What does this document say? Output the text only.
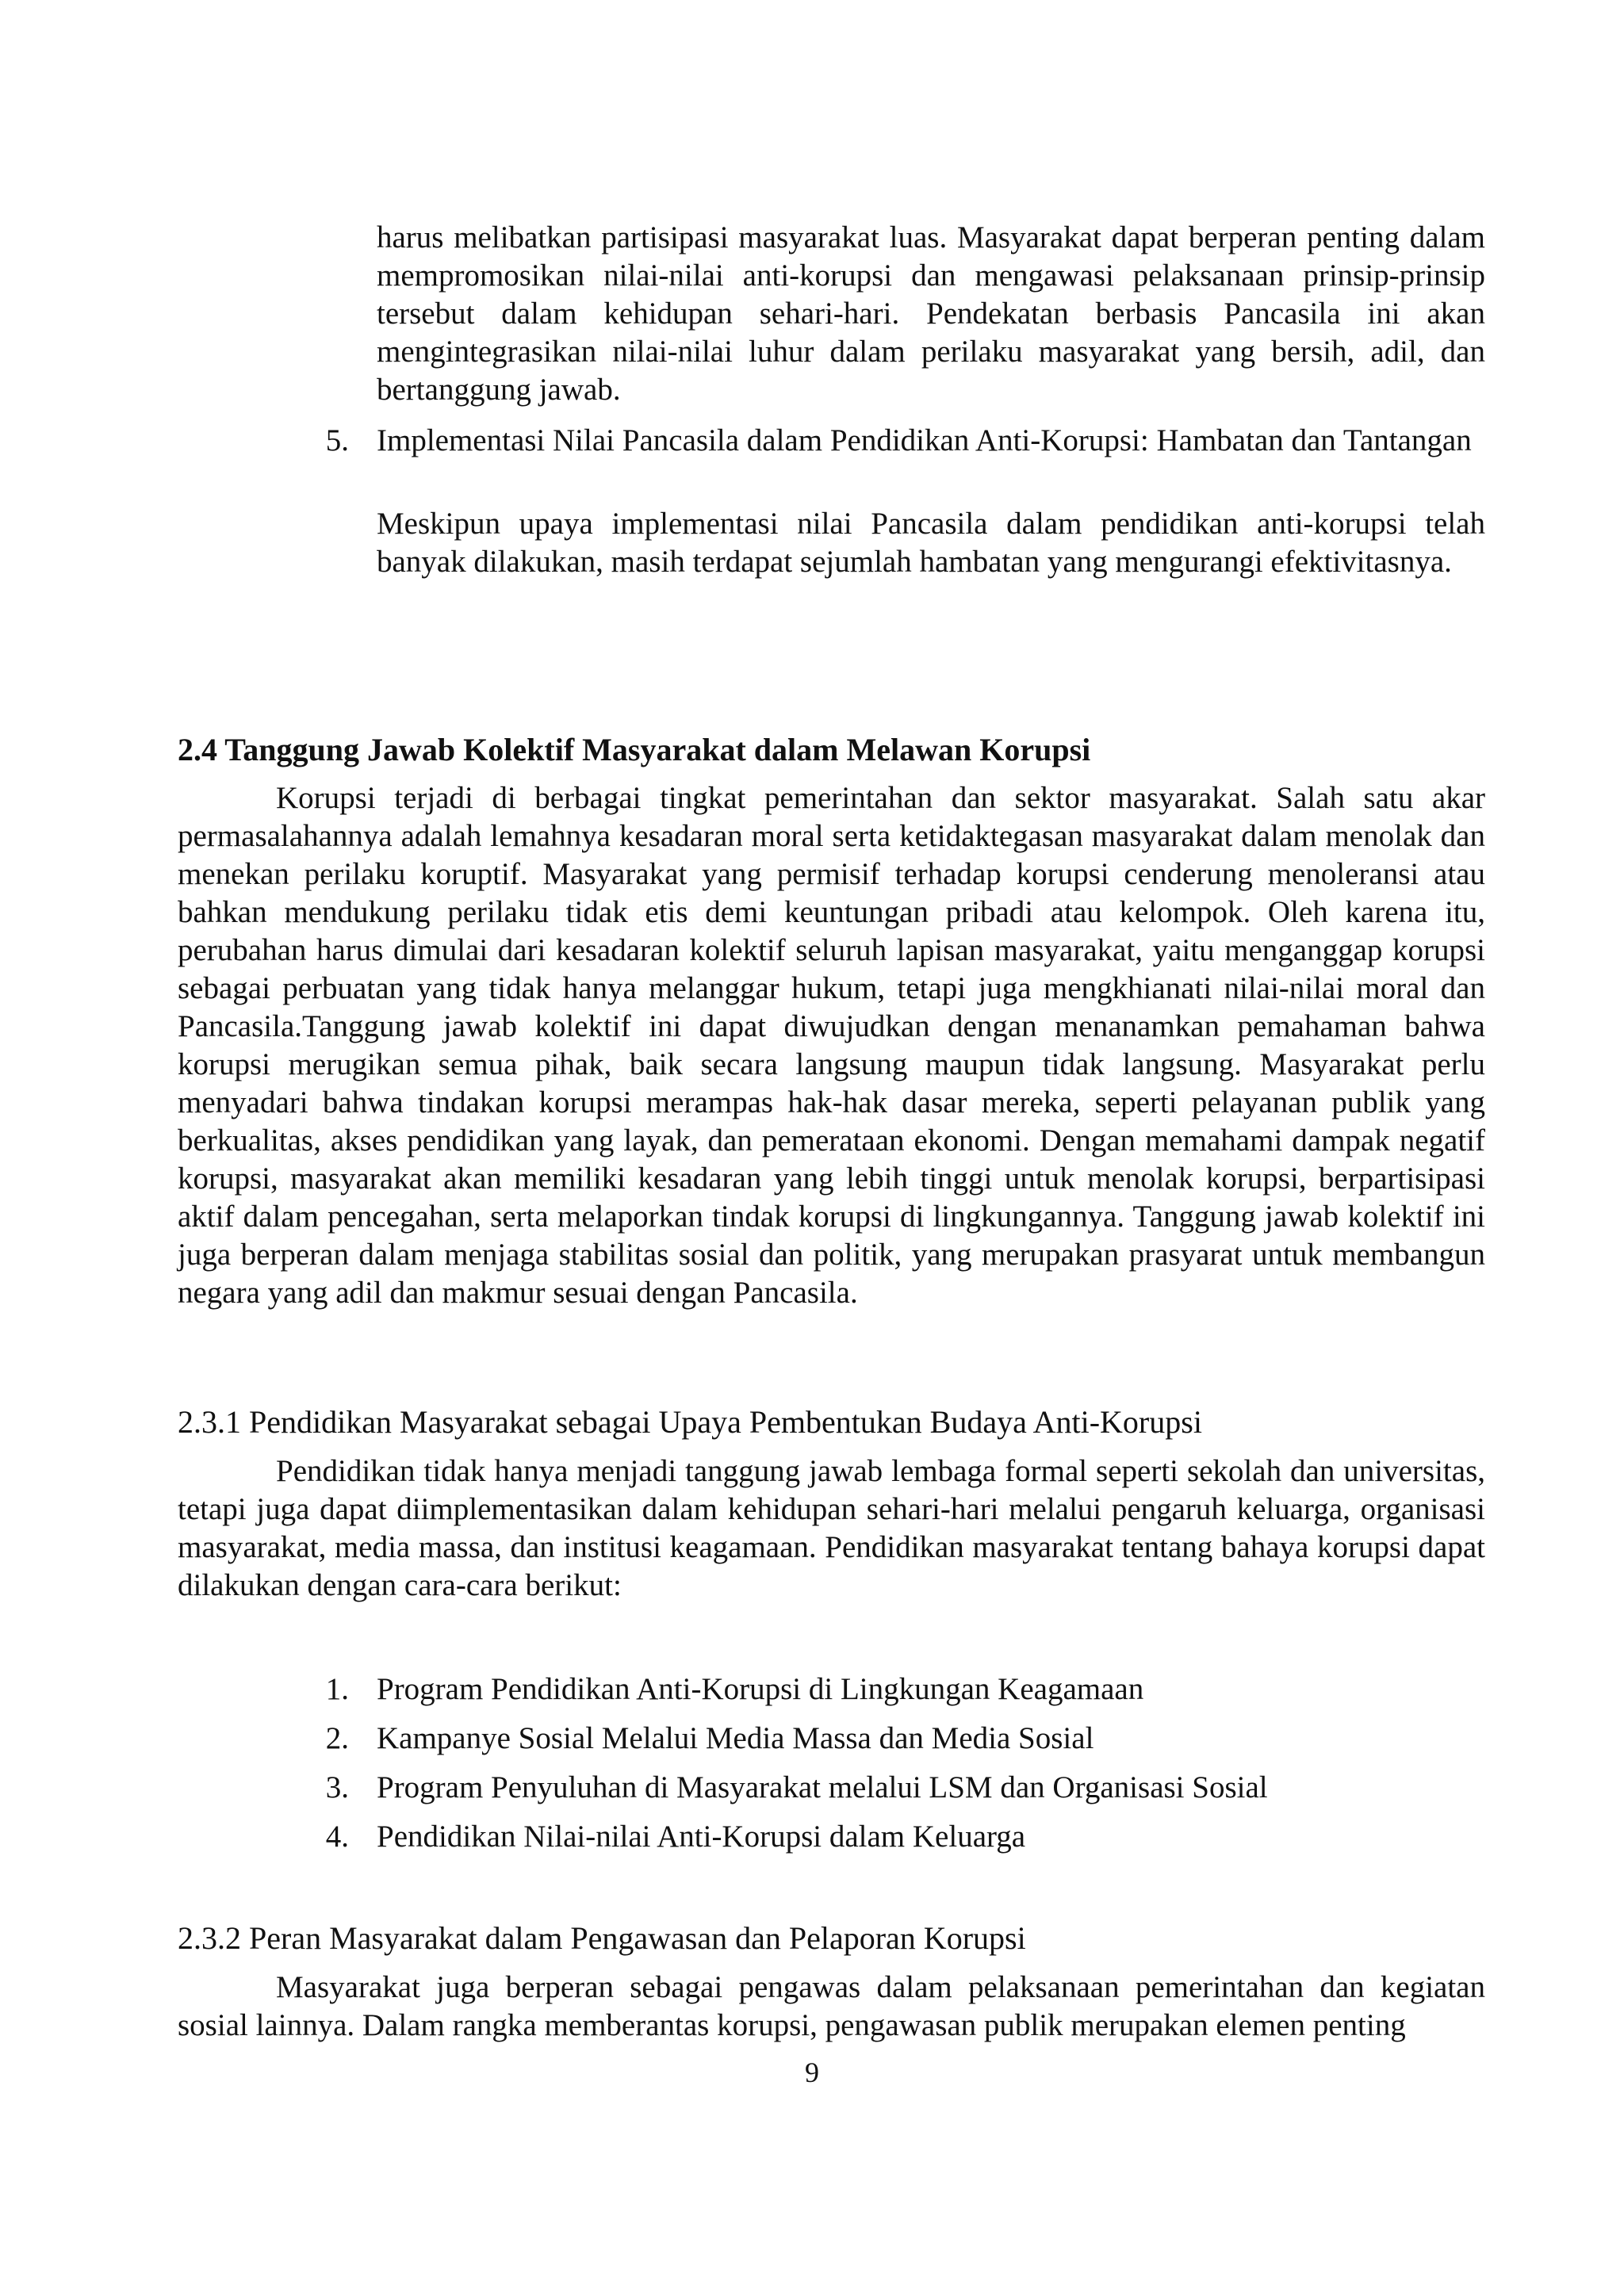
harus melibatkan partisipasi masyarakat luas. Masyarakat dapat berperan penting dalam mempromosikan nilai-nilai anti-korupsi dan mengawasi pelaksanaan prinsip-prinsip tersebut dalam kehidupan sehari-hari. Pendekatan berbasis Pancasila ini akan mengintegrasikan nilai-nilai luhur dalam perilaku masyarakat yang bersih, adil, dan bertanggung jawab.

5. Implementasi Nilai Pancasila dalam Pendidikan Anti-Korupsi: Hambatan dan Tantangan

Meskipun upaya implementasi nilai Pancasila dalam pendidikan anti-korupsi telah banyak dilakukan, masih terdapat sejumlah hambatan yang mengurangi efektivitasnya.

2.4 Tanggung Jawab Kolektif Masyarakat dalam Melawan Korupsi

Korupsi terjadi di berbagai tingkat pemerintahan dan sektor masyarakat. Salah satu akar permasalahannya adalah lemahnya kesadaran moral serta ketidaktegasan masyarakat dalam menolak dan menekan perilaku koruptif. Masyarakat yang permisif terhadap korupsi cenderung menoleransi atau bahkan mendukung perilaku tidak etis demi keuntungan pribadi atau kelompok. Oleh karena itu, perubahan harus dimulai dari kesadaran kolektif seluruh lapisan masyarakat, yaitu menganggap korupsi sebagai perbuatan yang tidak hanya melanggar hukum, tetapi juga mengkhianati nilai-nilai moral dan Pancasila.Tanggung jawab kolektif ini dapat diwujudkan dengan menanamkan pemahaman bahwa korupsi merugikan semua pihak, baik secara langsung maupun tidak langsung. Masyarakat perlu menyadari bahwa tindakan korupsi merampas hak-hak dasar mereka, seperti pelayanan publik yang berkualitas, akses pendidikan yang layak, dan pemerataan ekonomi. Dengan memahami dampak negatif korupsi, masyarakat akan memiliki kesadaran yang lebih tinggi untuk menolak korupsi, berpartisipasi aktif dalam pencegahan, serta melaporkan tindak korupsi di lingkungannya. Tanggung jawab kolektif ini juga berperan dalam menjaga stabilitas sosial dan politik, yang merupakan prasyarat untuk membangun negara yang adil dan makmur sesuai dengan Pancasila.

2.3.1 Pendidikan Masyarakat sebagai Upaya Pembentukan Budaya Anti-Korupsi

Pendidikan tidak hanya menjadi tanggung jawab lembaga formal seperti sekolah dan universitas, tetapi juga dapat diimplementasikan dalam kehidupan sehari-hari melalui pengaruh keluarga, organisasi masyarakat, media massa, dan institusi keagamaan. Pendidikan masyarakat tentang bahaya korupsi dapat dilakukan dengan cara-cara berikut:

1. Program Pendidikan Anti-Korupsi di Lingkungan Keagamaan
2. Kampanye Sosial Melalui Media Massa dan Media Sosial
3. Program Penyuluhan di Masyarakat melalui LSM dan Organisasi Sosial
4. Pendidikan Nilai-nilai Anti-Korupsi dalam Keluarga
2.3.2 Peran Masyarakat dalam Pengawasan dan Pelaporan Korupsi

Masyarakat juga berperan sebagai pengawas dalam pelaksanaan pemerintahan dan kegiatan sosial lainnya. Dalam rangka memberantas korupsi, pengawasan publik merupakan elemen penting

9
